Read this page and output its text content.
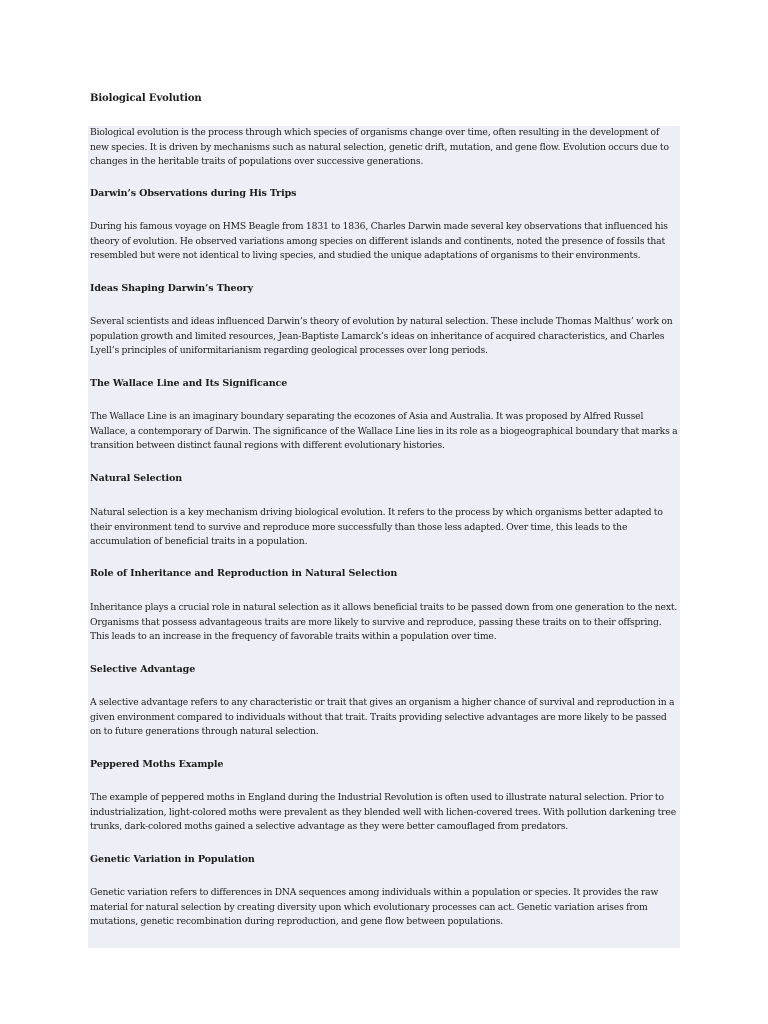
Biological Evolution

Biological evolution is the process through which species of organisms change over time, often resulting in the development of new species. It is driven by mechanisms such as natural selection, genetic drift, mutation, and gene flow. Evolution occurs due to changes in the heritable traits of populations over successive generations.

Darwin’s Observations during His Trips

During his famous voyage on HMS Beagle from 1831 to 1836, Charles Darwin made several key observations that influenced his theory of evolution. He observed variations among species on different islands and continents, noted the presence of fossils that resembled but were not identical to living species, and studied the unique adaptations of organisms to their environments.

Ideas Shaping Darwin’s Theory

Several scientists and ideas influenced Darwin’s theory of evolution by natural selection. These include Thomas Malthus’ work on population growth and limited resources, Jean-Baptiste Lamarck’s ideas on inheritance of acquired characteristics, and Charles Lyell’s principles of uniformitarianism regarding geological processes over long periods.

The Wallace Line and Its Significance

The Wallace Line is an imaginary boundary separating the ecozones of Asia and Australia. It was proposed by Alfred Russel Wallace, a contemporary of Darwin. The significance of the Wallace Line lies in its role as a biogeographical boundary that marks a transition between distinct faunal regions with different evolutionary histories.

Natural Selection

Natural selection is a key mechanism driving biological evolution. It refers to the process by which organisms better adapted to their environment tend to survive and reproduce more successfully than those less adapted. Over time, this leads to the accumulation of beneficial traits in a population.

Role of Inheritance and Reproduction in Natural Selection

Inheritance plays a crucial role in natural selection as it allows beneficial traits to be passed down from one generation to the next. Organisms that possess advantageous traits are more likely to survive and reproduce, passing these traits on to their offspring. This leads to an increase in the frequency of favorable traits within a population over time.

Selective Advantage

A selective advantage refers to any characteristic or trait that gives an organism a higher chance of survival and reproduction in a given environment compared to individuals without that trait. Traits providing selective advantages are more likely to be passed on to future generations through natural selection.

Peppered Moths Example

The example of peppered moths in England during the Industrial Revolution is often used to illustrate natural selection. Prior to industrialization, light-colored moths were prevalent as they blended well with lichen-covered trees. With pollution darkening tree trunks, dark-colored moths gained a selective advantage as they were better camouflaged from predators.

Genetic Variation in Population

Genetic variation refers to differences in DNA sequences among individuals within a population or species. It provides the raw material for natural selection by creating diversity upon which evolutionary processes can act. Genetic variation arises from mutations, genetic recombination during reproduction, and gene flow between populations.
